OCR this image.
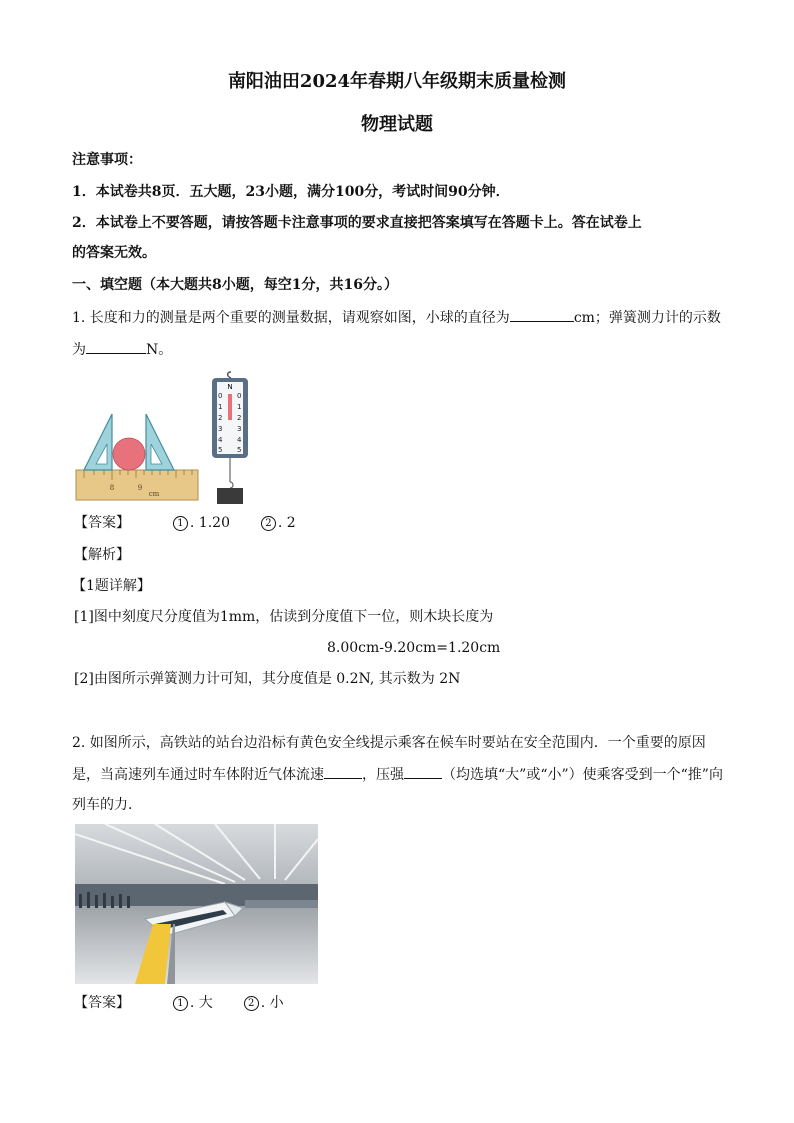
南阳油田2024年春期八年级期末质量检测
物理试题
注意事项：
1．本试卷共8页．五大题，23小题，满分100分，考试时间90分钟．
2．本试卷上不要答题，请按答题卡注意事项的要求直接把答案填写在答题卡上。答在试卷上
的答案无效。
一、填空题（本大题共8小题，每空1分，共16分。）
1. 长度和力的测量是两个重要的测量数据，请观察如图，小球的直径为	cm；弹簧测力计的示数
为	N。
8	9
cm
N
0
1
2
3
4
5
0
1
2
3
4
5
【答案】	1 . 1.20	2 . 2
【解析】
【1题详解】
[1]图中刻度尺分度值为1mm，估读到分度值下一位，则木块长度为
8.00cm-9.20cm=1.20cm
[2]由图所示弹簧测力计可知，其分度值是 0.2N, 其示数为 2N
2. 如图所示，高铁站的站台边沿标有黄色安全线提示乘客在候车时要站在安全范围内．一个重要的原因
是，当高速列车通过时车体附近气体流速	，压强	（均选填“大”或“小”）使乘客受到一个“推”向
列车的力．
【答案】	1 . 大	2 . 小
